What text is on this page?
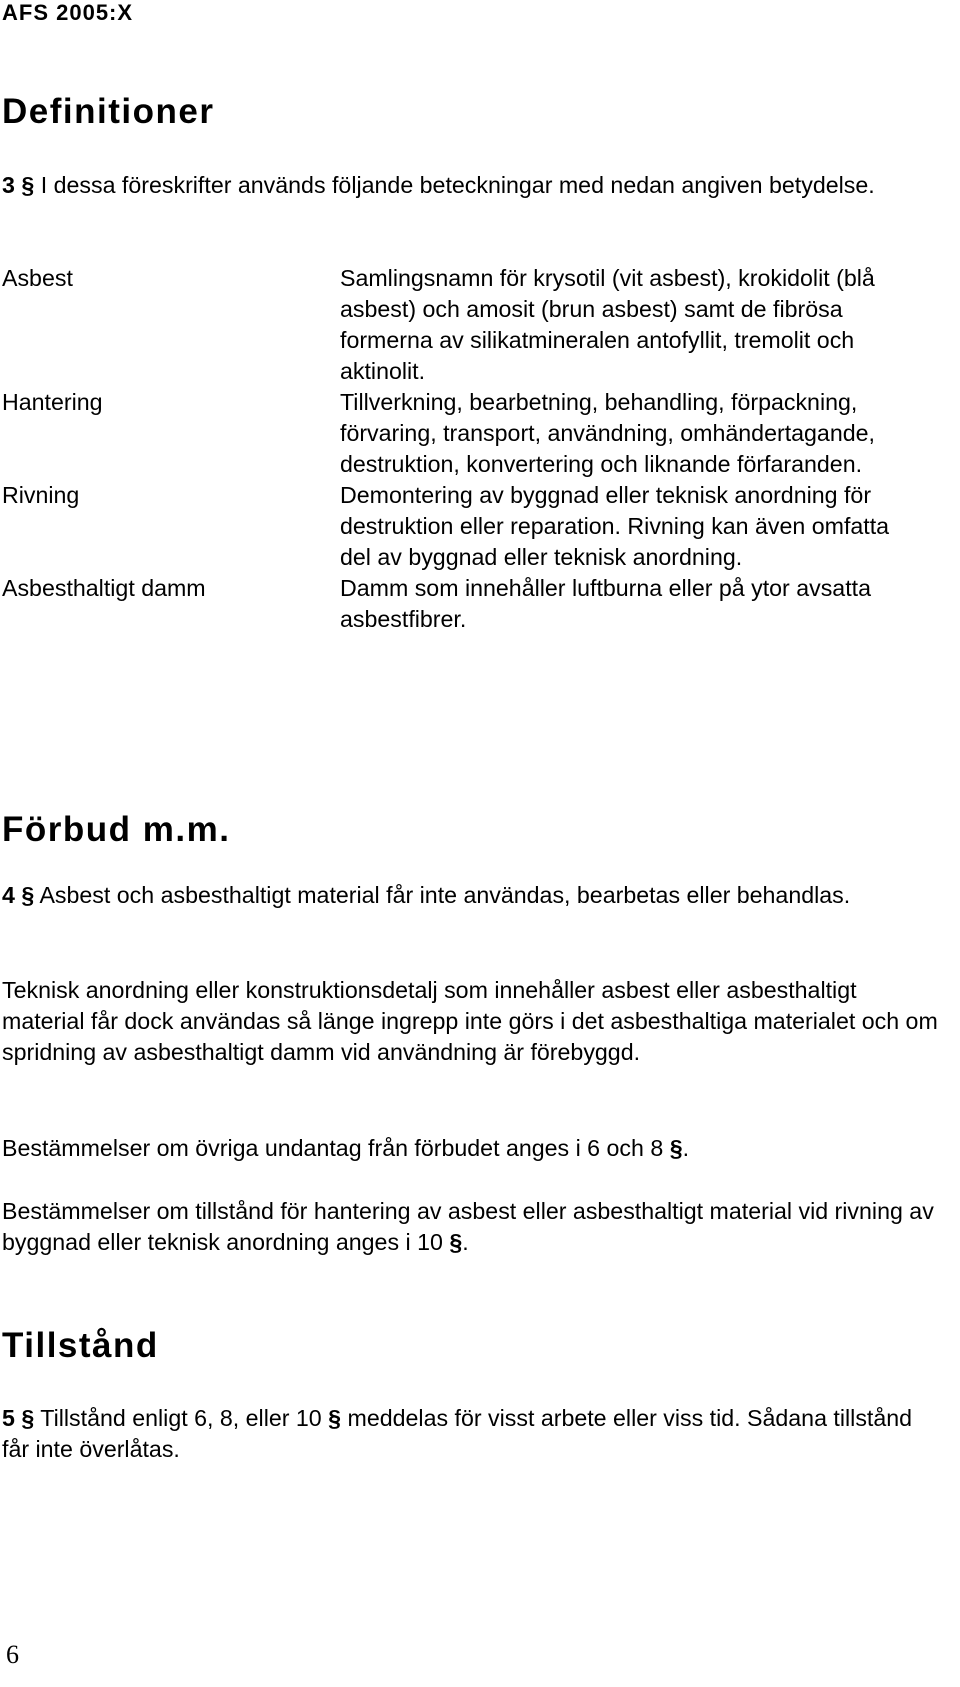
AFS 2005:X
Definitioner
3 § I dessa föreskrifter används följande beteckningar med nedan angiven betydelse.
Asbest	Samlingsnamn för krysotil (vit asbest), krokidolit (blå asbest) och amosit (brun asbest) samt de fibrösa formerna av silikatmineralen antofyllit, tremolit och aktinolit.
Hantering	Tillverkning, bearbetning, behandling, förpackning, förvaring, transport, användning, omhändertagande, destruktion, konvertering och liknande förfaranden.
Rivning	Demontering av byggnad eller teknisk anordning för destruktion eller reparation. Rivning kan även omfatta del av byggnad eller teknisk anordning.
Asbesthaltigt damm	Damm som innehåller luftburna eller på ytor avsatta asbestfibrer.
Förbud m.m.
4 § Asbest och asbesthaltigt material får inte användas, bearbetas eller behandlas.
Teknisk anordning eller konstruktionsdetalj som innehåller asbest eller asbesthaltigt material får dock användas så länge ingrepp inte görs i det asbesthaltiga materialet och om spridning av asbesthaltigt damm vid användning är förebyggd.
Bestämmelser om övriga undantag från förbudet anges i 6 och 8 §.
Bestämmelser om tillstånd för hantering av asbest eller asbesthaltigt material vid rivning av byggnad eller teknisk anordning anges i 10 §.
Tillstånd
5 § Tillstånd enligt 6, 8, eller 10 § meddelas för visst arbete eller viss tid. Sådana tillstånd får inte överlåtas.
6
